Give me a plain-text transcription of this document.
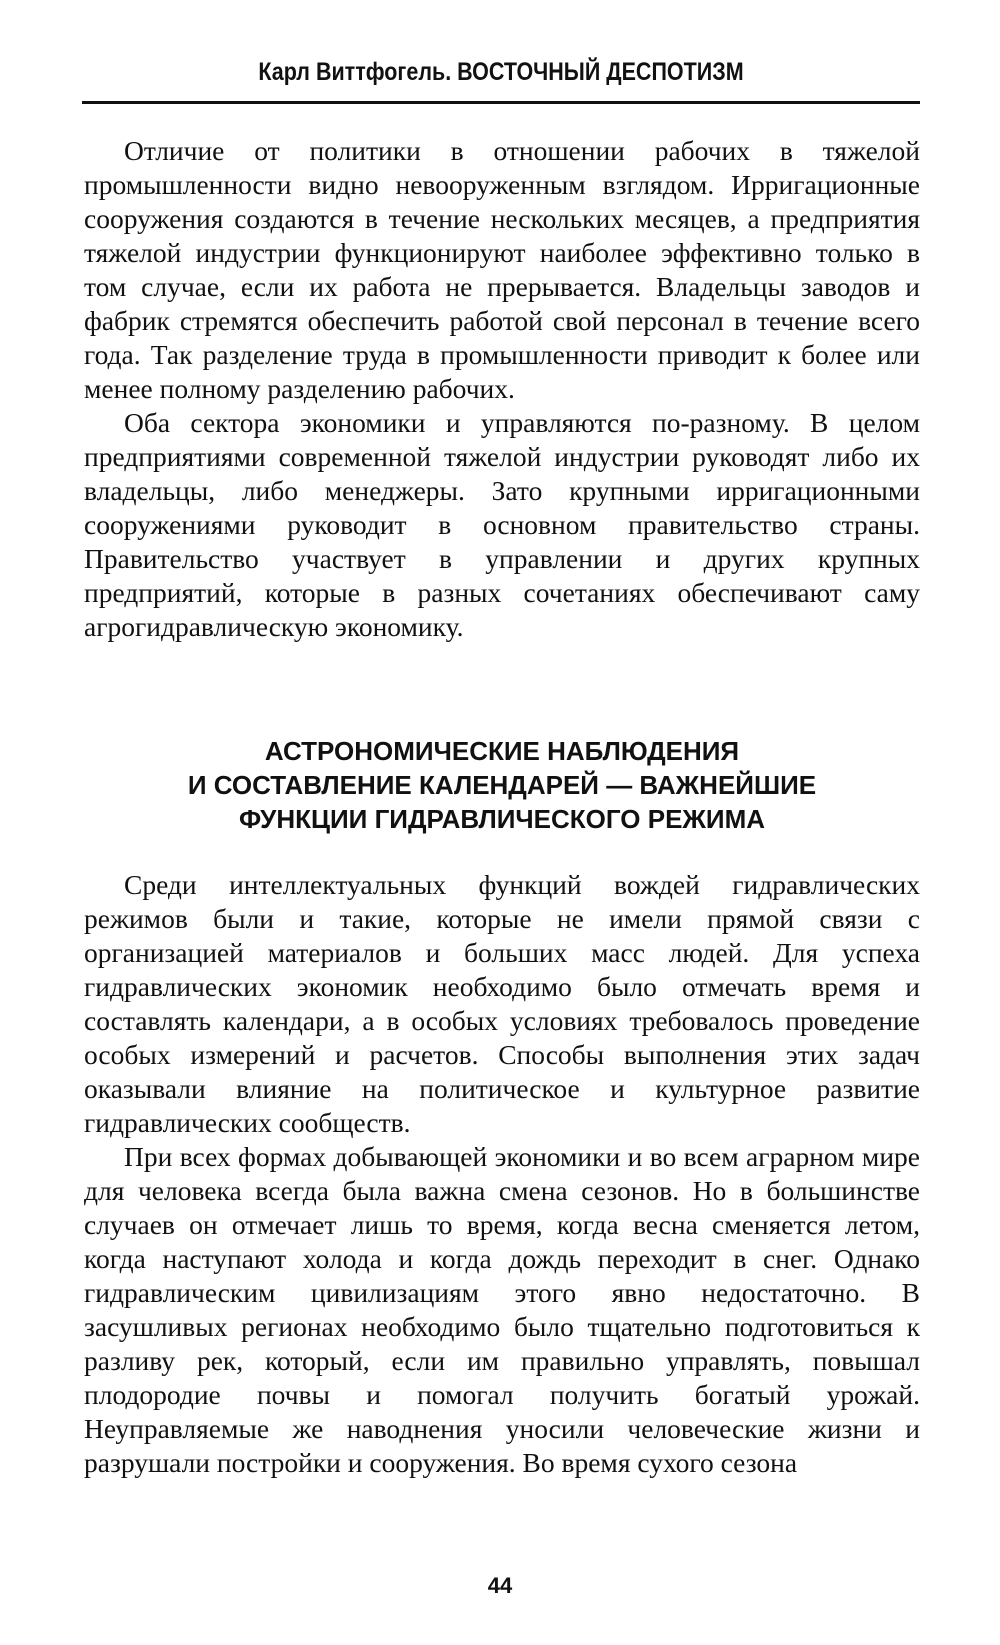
Карл Виттфогель. ВОСТОЧНЫЙ ДЕСПОТИЗМ

Отличие от политики в отношении рабочих в тяжелой промышленности видно невооруженным взглядом. Ирригационные сооружения создаются в течение нескольких месяцев, а предприятия тяжелой индустрии функционируют наиболее эффективно только в том случае, если их работа не прерывается. Владельцы заводов и фабрик стремятся обеспечить работой свой персонал в течение всего года. Так разделение труда в промышленности приводит к более или менее полному разделению рабочих.

Оба сектора экономики и управляются по-разному. В целом предприятиями современной тяжелой индустрии руководят либо их владельцы, либо менеджеры. Зато крупными ирригационными сооружениями руководит в основном правительство страны. Правительство участвует в управлении и других крупных предприятий, которые в разных сочетаниях обеспечивают саму агрогидравлическую экономику.

АСТРОНОМИЧЕСКИЕ НАБЛЮДЕНИЯ
И СОСТАВЛЕНИЕ КАЛЕНДАРЕЙ — ВАЖНЕЙШИЕ
ФУНКЦИИ ГИДРАВЛИЧЕСКОГО РЕЖИМА

Среди интеллектуальных функций вождей гидравлических режимов были и такие, которые не имели прямой связи с организацией материалов и больших масс людей. Для успеха гидравлических экономик необходимо было отмечать время и составлять календари, а в особых условиях требовалось проведение особых измерений и расчетов. Способы выполнения этих задач оказывали влияние на политическое и культурное развитие гидравлических сообществ.

При всех формах добывающей экономики и во всем аграрном мире для человека всегда была важна смена сезонов. Но в большинстве случаев он отмечает лишь то время, когда весна сменяется летом, когда наступают холода и когда дождь переходит в снег. Однако гидравлическим цивилизациям этого явно недостаточно. В засушливых регионах необходимо было тщательно подготовиться к разливу рек, который, если им правильно управлять, повышал плодородие почвы и помогал получить богатый урожай. Неуправляемые же наводнения уносили человеческие жизни и разрушали постройки и сооружения. Во время сухого сезона

44
